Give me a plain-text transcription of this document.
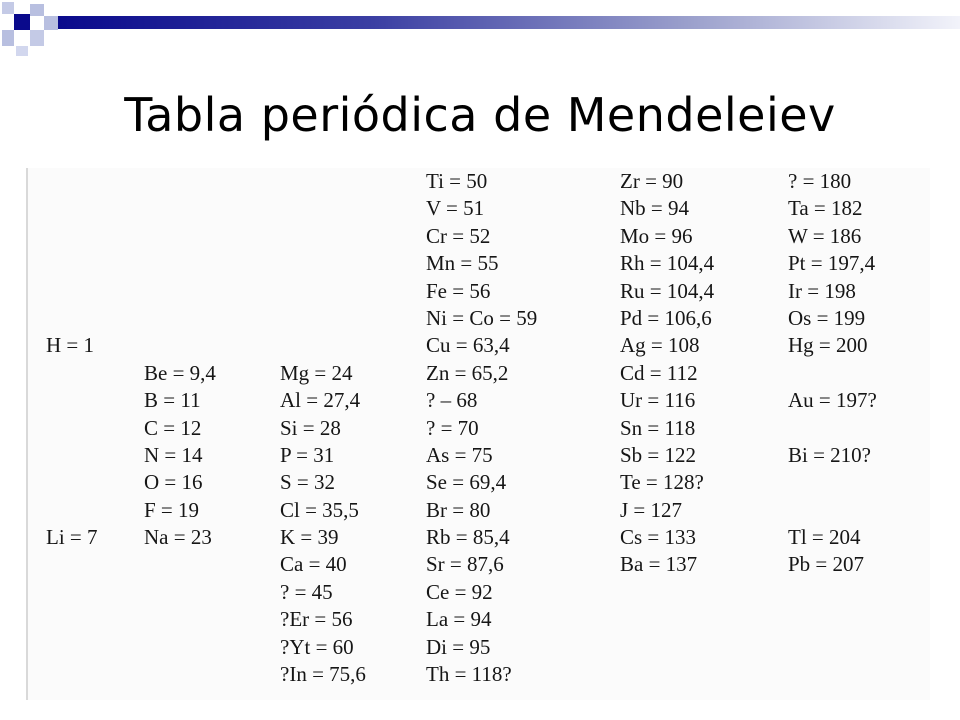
Tabla periódica de Mendeleiev
H = 1
Li = 7
Be = 9,4
B = 11
C = 12
N = 14
O = 16
F = 19
Na = 23
Mg = 24
Al = 27,4
Si = 28
P = 31
S = 32
Cl = 35,5
K = 39
Ca = 40
? = 45
?Er = 56
?Yt = 60
?In = 75,6
Ti = 50
V = 51
Cr = 52
Mn = 55
Fe = 56
Ni = Co = 59
Cu = 63,4
Zn = 65,2
? – 68
? = 70
As = 75
Se = 69,4
Br = 80
Rb = 85,4
Sr = 87,6
Ce = 92
La = 94
Di = 95
Th = 118?
Zr = 90
Nb = 94
Mo = 96
Rh = 104,4
Ru = 104,4
Pd = 106,6
Ag = 108
Cd = 112
Ur = 116
Sn = 118
Sb = 122
Te = 128?
J = 127
Cs = 133
Ba = 137
? = 180
Ta = 182
W = 186
Pt = 197,4
Ir = 198
Os = 199
Hg = 200
Au = 197?
Bi = 210?
Tl = 204
Pb = 207
